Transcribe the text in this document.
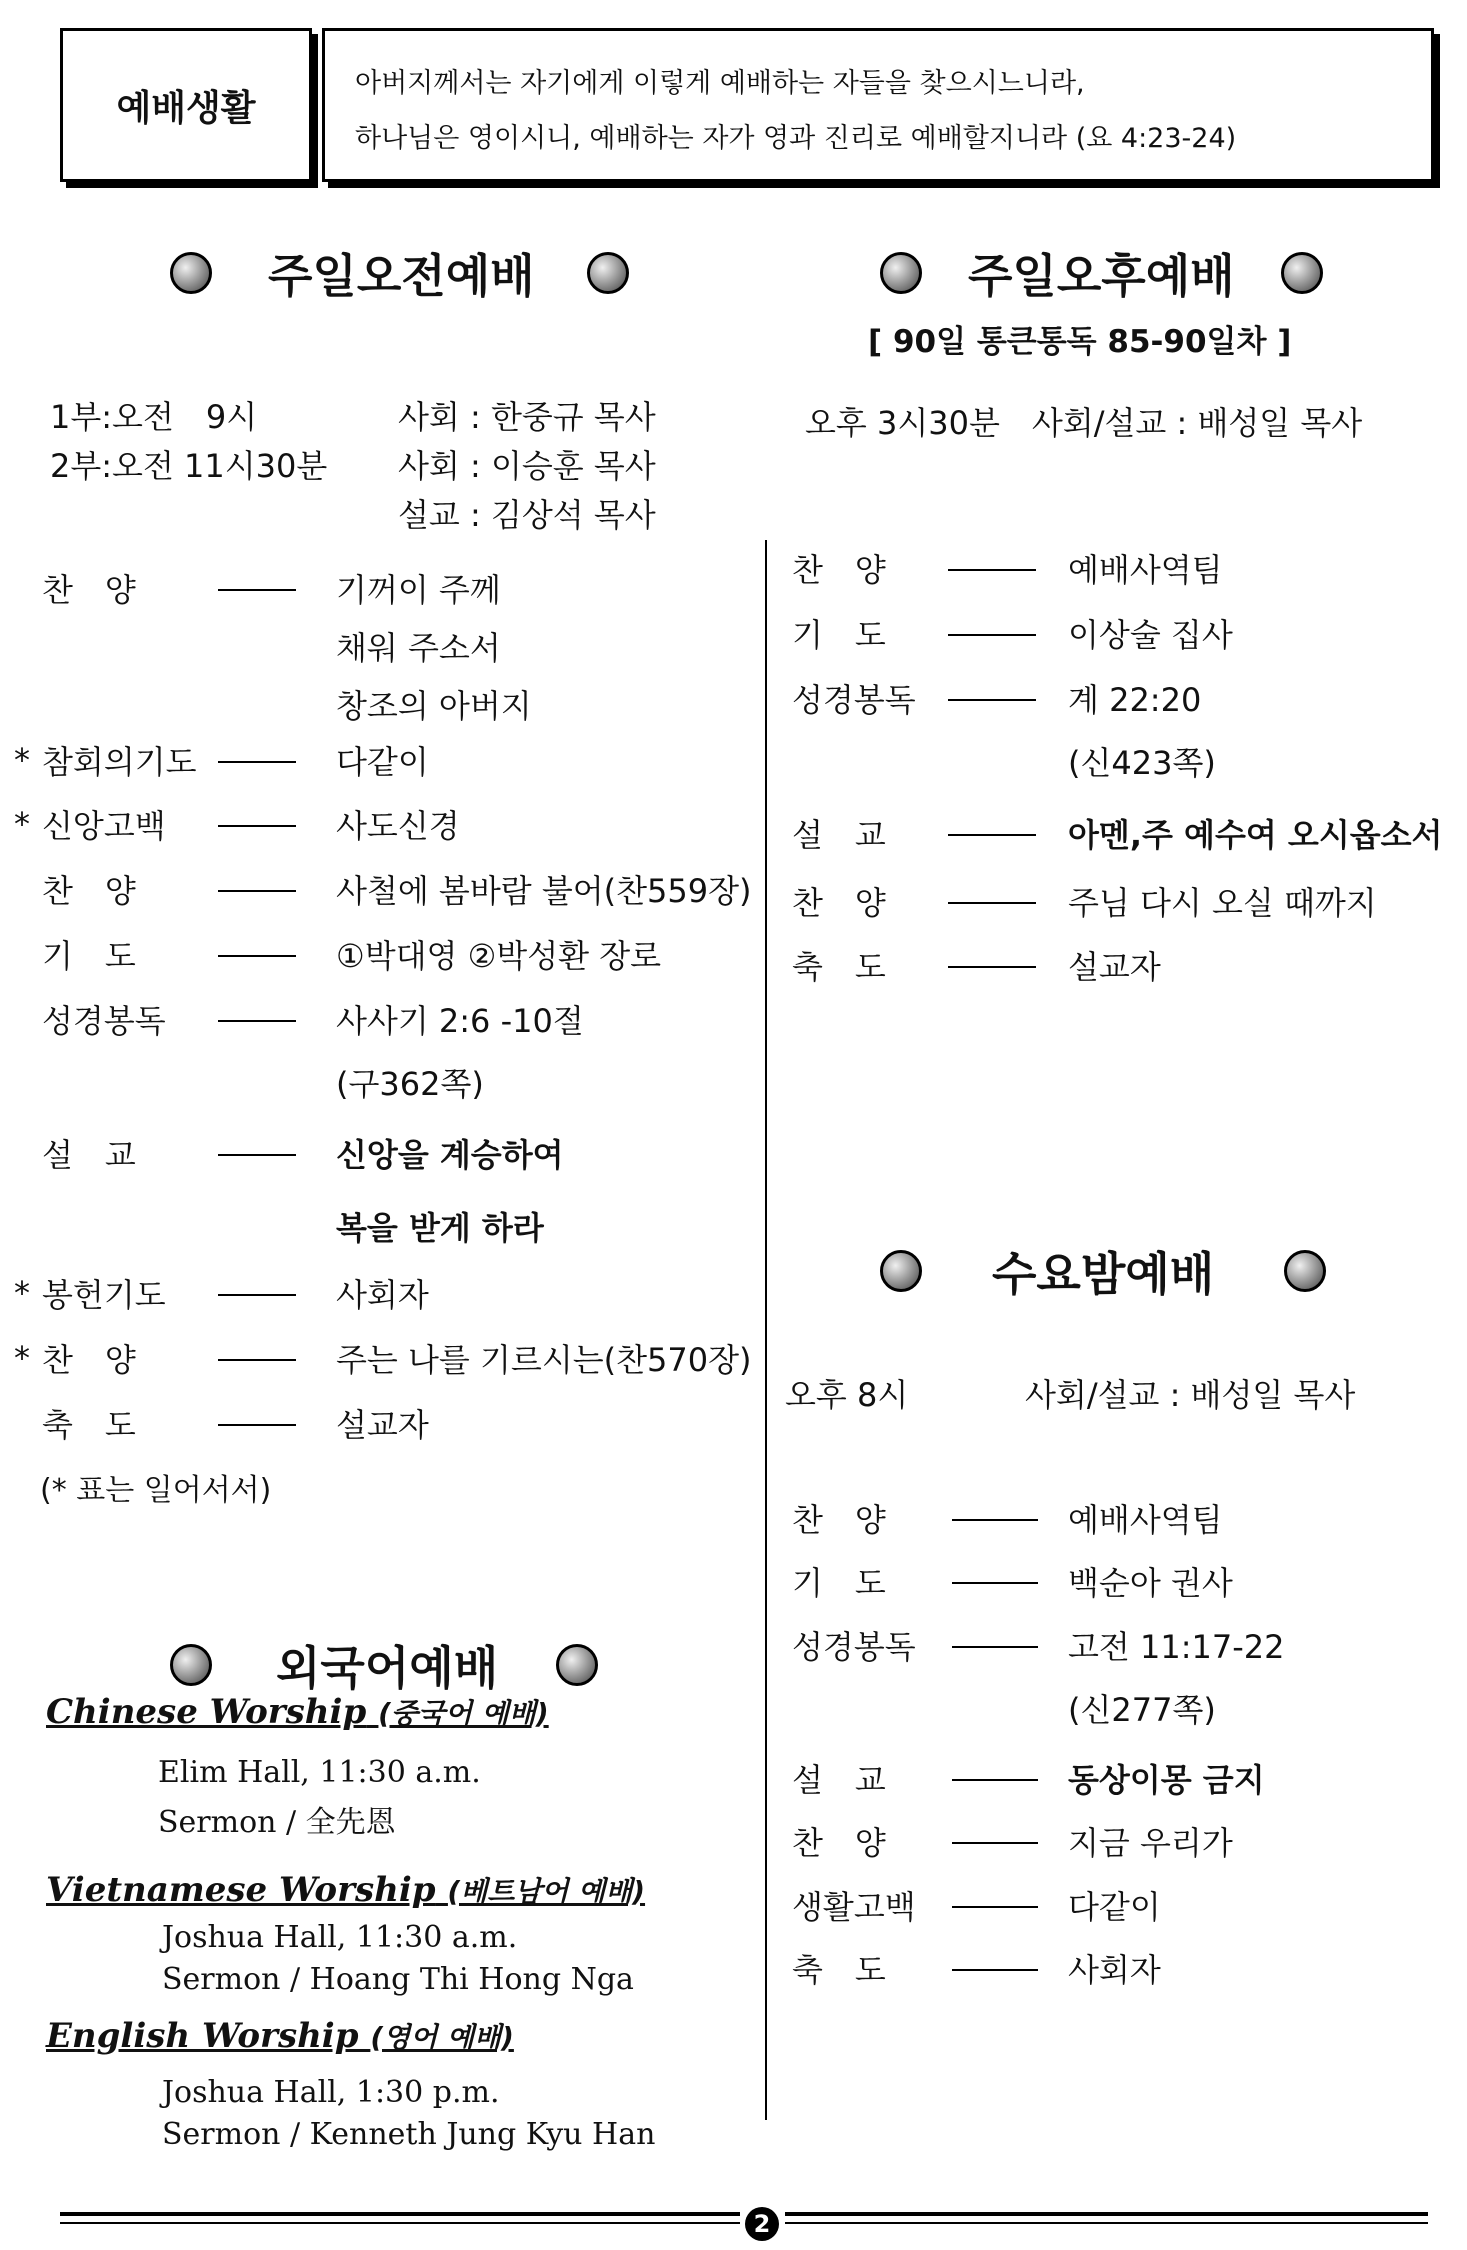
예배생활
아버지께서는 자기에게 이렇게 예배하는 자들을 찾으시느니라,
하나님은 영이시니, 예배하는 자가 영과 진리로 예배할지니라 (요 4:23-24)
주일오전예배
1부:오전　9시	사회 : 한중규 목사
2부:오전 11시30분 사회 : 이승훈 목사
설교 : 김상석 목사
찬　양	기꺼이 주께
채워 주소서
창조의 아버지
* 참회의기도	다같이
* 신앙고백	사도신경
찬　양	사철에 봄바람 불어(찬559장)
기　도	①박대영 ②박성환 장로
성경봉독	사사기 2:6 -10절
(구362쪽)
설　교	신앙을 계승하여
복을 받게 하라
* 봉헌기도	사회자
* 찬　양	주는 나를 기르시는(찬570장)
축　도	설교자
(* 표는 일어서서)
주일오후예배
[ 90일 통큰통독 85-90일차 ]
오후 3시30분　사회/설교 : 배성일 목사
찬　양	예배사역팀
기　도	이상술 집사
성경봉독	계 22:20
(신423쪽)
설　교	아멘,주 예수여 오시옵소서
찬　양	주님 다시 오실 때까지
축　도	설교자
수요밤예배
오후 8시	사회/설교 : 배성일 목사
찬　양	예배사역팀
기　도	백순아 권사
성경봉독	고전 11:17-22
(신277쪽)
설　교	동상이몽 금지
찬　양	지금 우리가
생활고백	다같이
축　도	사회자
외국어예배
Chinese Worship (중국어 예배)
Elim Hall, 11:30 a.m.
Sermon / 全先恩
Vietnamese Worship (베트남어 예배)
Joshua Hall, 11:30 a.m.
Sermon / Hoang Thi Hong Nga
English Worship (영어 예배)
Joshua Hall, 1:30 p.m.
Sermon / Kenneth Jung Kyu Han
2
